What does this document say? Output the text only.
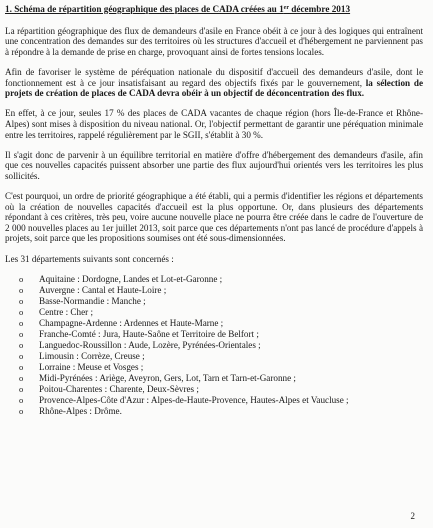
1. Schéma de répartition géographique des places de CADA créées au 1er décembre 2013

La répartition géographique des flux de demandeurs d'asile en France obéit à ce jour à des logiques qui entraînent une concentration des demandes sur des territoires où les structures d'accueil et d'hébergement ne parviennent pas à répondre à la demande de prise en charge, provoquant ainsi de fortes tensions locales.

Afin de favoriser le système de péréquation nationale du dispositif d'accueil des demandeurs d'asile, dont le fonctionnement est à ce jour insatisfaisant au regard des objectifs fixés par le gouvernement, la sélection de projets de création de places de CADA devra obéir à un objectif de déconcentration des flux.

En effet, à ce jour, seules 17 % des places de CADA vacantes de chaque région (hors Île-de-France et Rhône-Alpes) sont mises à disposition du niveau national. Or, l'objectif permettant de garantir une péréquation minimale entre les territoires, rappelé régulièrement par le SGII, s'établit à 30 %.

Il s'agit donc de parvenir à un équilibre territorial en matière d'offre d'hébergement des demandeurs d'asile, afin que ces nouvelles capacités puissent absorber une partie des flux aujourd'hui orientés vers les territoires les plus sollicités.

C'est pourquoi, un ordre de priorité géographique a été établi, qui a permis d'identifier les régions et départements où la création de nouvelles capacités d'accueil est la plus opportune. Or, dans plusieurs des départements répondant à ces critères, très peu, voire aucune nouvelle place ne pourra être créée dans le cadre de l'ouverture de 2 000 nouvelles places au 1er juillet 2013, soit parce que ces départements n'ont pas lancé de procédure d'appels à projets, soit parce que les propositions soumises ont été sous-dimensionnées.

Les 31 départements suivants sont concernés :

o Aquitaine : Dordogne, Landes et Lot-et-Garonne ;
o Auvergne : Cantal et Haute-Loire ;
o Basse-Normandie : Manche ;
o Centre : Cher ;
o Champagne-Ardenne : Ardennes et Haute-Marne ;
o Franche-Comté : Jura, Haute-Saône et Territoire de Belfort ;
o Languedoc-Roussillon : Aude, Lozère, Pyrénées-Orientales ;
o Limousin : Corrèze, Creuse ;
o Lorraine : Meuse et Vosges ;
o Midi-Pyrénées : Ariège, Aveyron, Gers, Lot, Tarn et Tarn-et-Garonne ;
o Poitou-Charentes : Charente, Deux-Sèvres ;
o Provence-Alpes-Côte d'Azur : Alpes-de-Haute-Provence, Hautes-Alpes et Vaucluse ;
o Rhône-Alpes : Drôme.
2
